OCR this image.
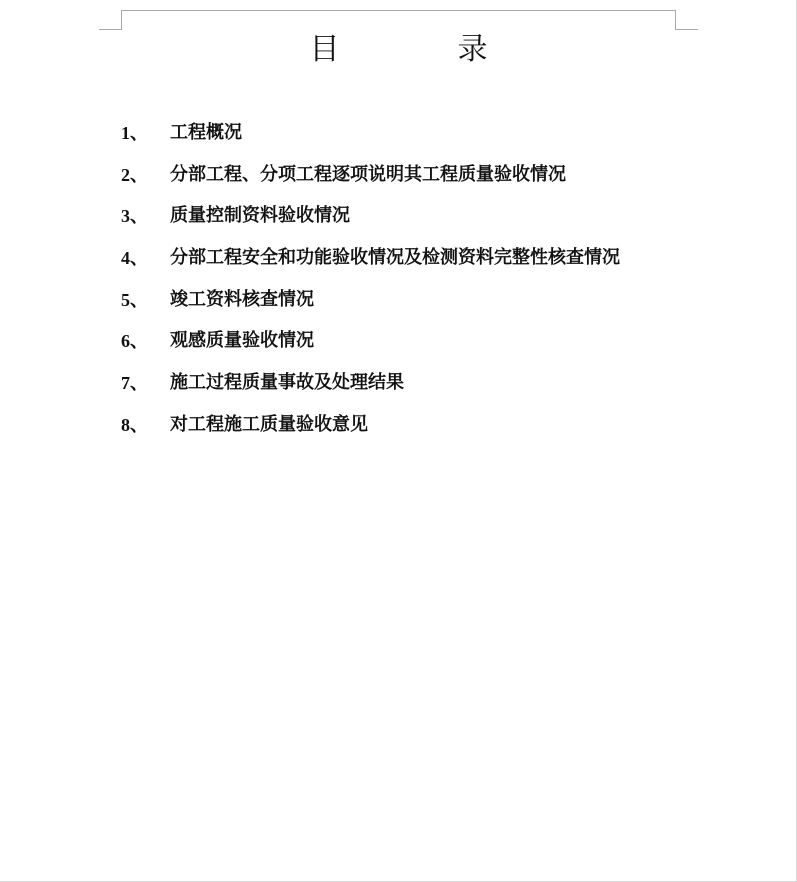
目　录
1、	工程概况
2、	分部工程、分项工程逐项说明其工程质量验收情况
3、	质量控制资料验收情况
4、	分部工程安全和功能验收情况及检测资料完整性核查情况
5、	竣工资料核查情况
6、	观感质量验收情况
7、	施工过程质量事故及处理结果
8、	对工程施工质量验收意见
